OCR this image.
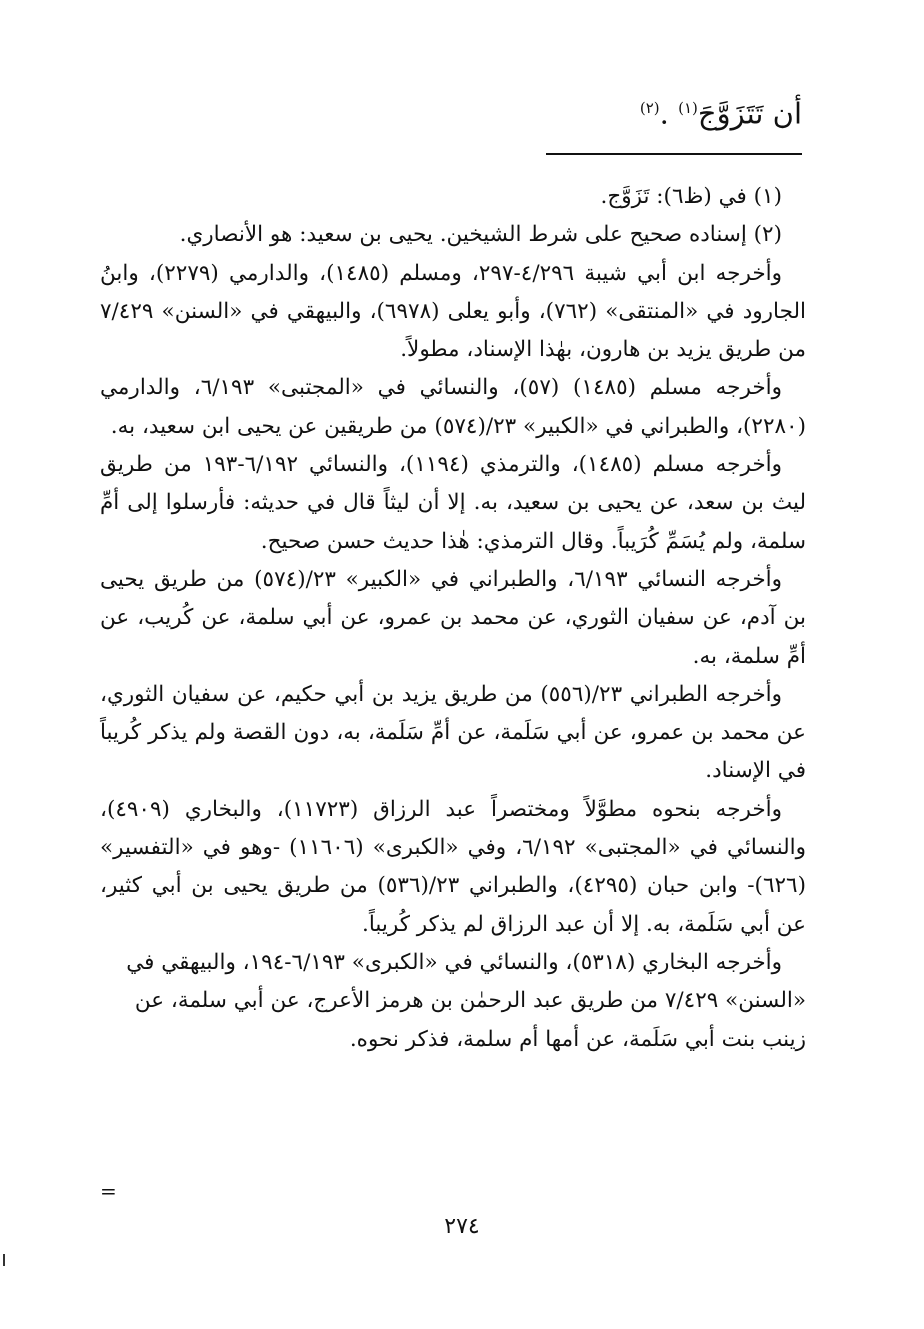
أن تَتَزَوَّجَ$^{(١)}$ .$^{(٢)}$

(١) في (ظ٦): تَزَوَّج.

(٢) إسناده صحيح على شرط الشيخين. يحيى بن سعيد: هو الأنصاري.

وأخرجه ابن أبي شيبة ٤/٢٩٦-٢٩٧، ومسلم (١٤٨٥)، والدارمي (٢٢٧٩)، وابنُ الجارود في «المنتقى» (٧٦٢)، وأبو يعلى (٦٩٧٨)، والبيهقي في «السنن» ٧/٤٢٩ من طريق يزيد بن هارون، بهٰذا الإسناد، مطولاً.

وأخرجه مسلم (١٤٨٥) (٥٧)، والنسائي في «المجتبى» ٦/١٩٣، والدارمي (٢٢٨٠)، والطبراني في «الكبير» ٢٣/(٥٧٤) من طريقين عن يحيى ابن سعيد، به.

وأخرجه مسلم (١٤٨٥)، والترمذي (١١٩٤)، والنسائي ٦/١٩٢-١٩٣ من طريق ليث بن سعد، عن يحيى بن سعيد، به. إلا أن ليثاً قال في حديثه: فأرسلوا إلى أمِّ سلمة، ولم يُسَمِّ كُرَيباً. وقال الترمذي: هٰذا حديث حسن صحيح.

وأخرجه النسائي ٦/١٩٣، والطبراني في «الكبير» ٢٣/(٥٧٤) من طريق يحيى بن آدم، عن سفيان الثوري، عن محمد بن عمرو، عن أبي سلمة، عن كُريب، عن أمِّ سلمة، به.

وأخرجه الطبراني ٢٣/(٥٥٦) من طريق يزيد بن أبي حكيم، عن سفيان الثوري، عن محمد بن عمرو، عن أبي سَلَمة، عن أمِّ سَلَمة، به، دون القصة ولم يذكر كُريباً في الإسناد.

وأخرجه بنحوه مطوَّلاً ومختصراً عبد الرزاق (١١٧٢٣)، والبخاري (٤٩٠٩)، والنسائي في «المجتبى» ٦/١٩٢، وفي «الكبرى» (١١٦٠٦) -وهو في «التفسير» (٦٢٦)- وابن حبان (٤٢٩٥)، والطبراني ٢٣/(٥٣٦) من طريق يحيى بن أبي كثير، عن أبي سَلَمة، به. إلا أن عبد الرزاق لم يذكر كُريباً.

وأخرجه البخاري (٥٣١٨)، والنسائي في «الكبرى» ٦/١٩٣-١٩٤، والبيهقي في «السنن» ٧/٤٢٩ من طريق عبد الرحمٰن بن هرمز الأعرج، عن أبي سلمة، عن زينب بنت أبي سَلَمة، عن أمها أم سلمة، فذكر نحوه.

=
٢٧٤
